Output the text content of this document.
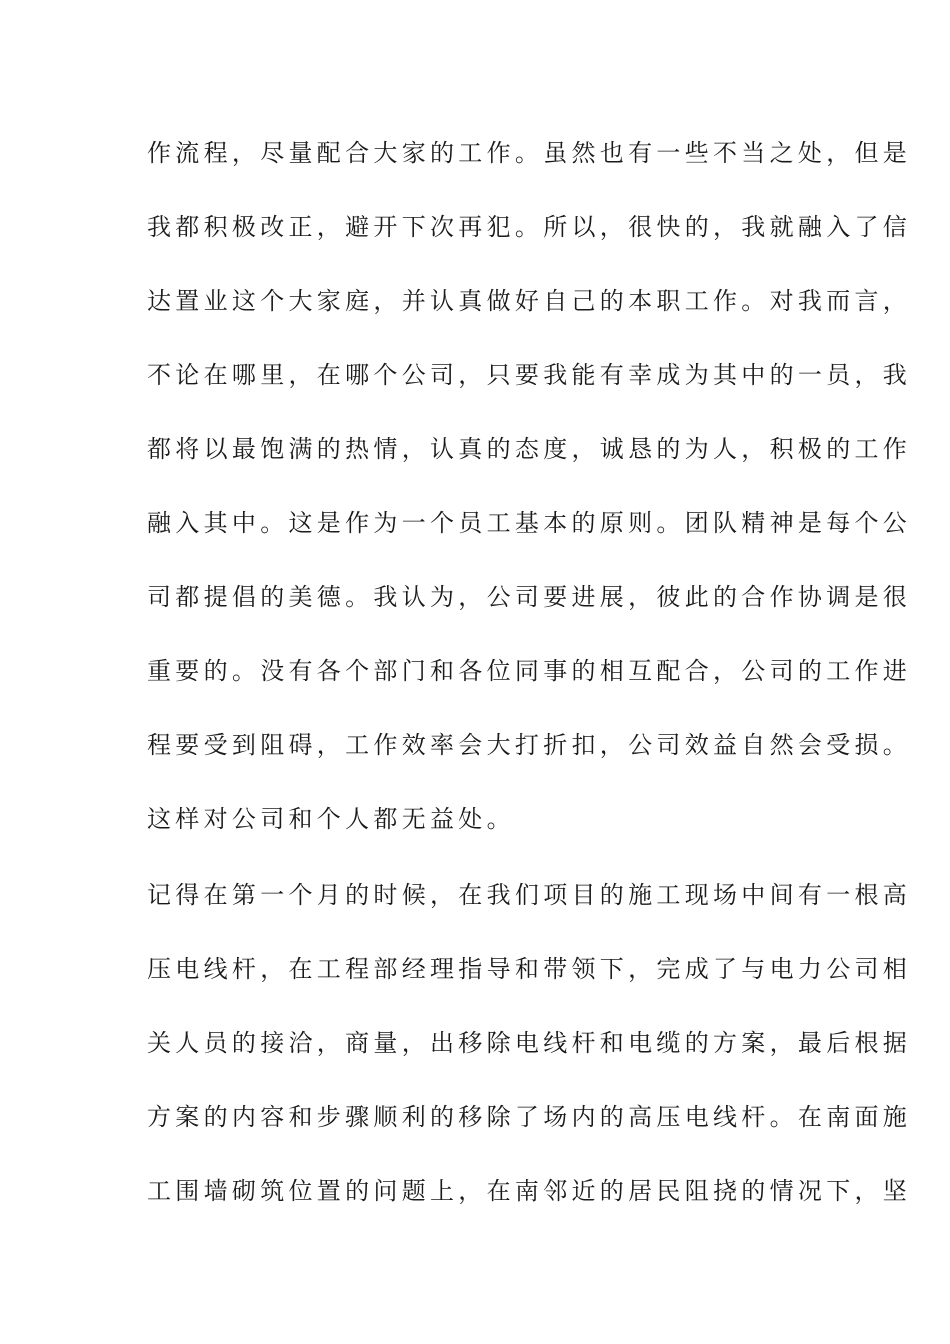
作流程，尽量配合大家的工作。虽然也有一些不当之处，但是
我都积极改正，避开下次再犯。所以，很快的，我就融入了信
达置业这个大家庭，并认真做好自己的本职工作。对我而言，
不论在哪里，在哪个公司，只要我能有幸成为其中的一员，我
都将以最饱满的热情，认真的态度，诚恳的为人，积极的工作
融入其中。这是作为一个员工基本的原则。团队精神是每个公
司都提倡的美德。我认为，公司要进展，彼此的合作协调是很
重要的。没有各个部门和各位同事的相互配合，公司的工作进
程要受到阻碍，工作效率会大打折扣，公司效益自然会受损。
这样对公司和个人都无益处。
记得在第一个月的时候，在我们项目的施工现场中间有一根高
压电线杆，在工程部经理指导和带领下，完成了与电力公司相
关人员的接洽，商量，出移除电线杆和电缆的方案，最后根据
方案的内容和步骤顺利的移除了场内的高压电线杆。在南面施
工围墙砌筑位置的问题上，在南邻近的居民阻挠的情况下，坚
